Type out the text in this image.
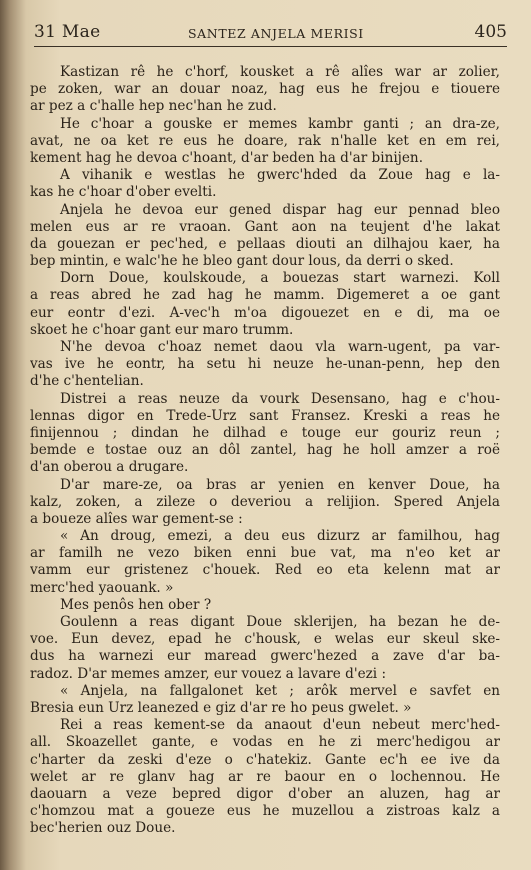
31 Mae	SANTEZ ANJELA MERISI	405
Kastizan rê he c'horf, kousket a rê alîes war ar zolier,
pe zoken, war an douar noaz, hag eus he frejou e tiouere
ar pez a c'halle hep nec'han he zud.
He c'hoar a gouske er memes kambr ganti ; an dra-ze,
avat, ne oa ket re eus he doare, rak n'halle ket en em rei,
kement hag he devoa c'hoant, d'ar beden ha d'ar binijen.
A vihanik e westlas he gwerc'hded da Zoue hag e la-
kas he c'hoar d'ober evelti.
Anjela he devoa eur gened dispar hag eur pennad bleo
melen eus ar re vraoan. Gant aon na teujent d'he lakat
da gouezan er pec'hed, e pellaas diouti an dilhajou kaer, ha
bep mintin, e walc'he he bleo gant dour lous, da derri o sked.
Dorn Doue, koulskoude, a bouezas start warnezi. Koll
a reas abred he zad hag he mamm. Digemeret a oe gant
eur eontr d'ezi. A-vec'h m'oa digouezet en e di, ma oe
skoet he c'hoar gant eur maro trumm.
N'he devoa c'hoaz nemet daou vla warn-ugent, pa var-
vas ive he eontr, ha setu hi neuze he-unan-penn, hep den
d'he c'hentelian.
Distrei a reas neuze da vourk Desensano, hag e c'hou-
lennas digor en Trede-Urz sant Fransez. Kreski a reas he
finijennou ; dindan he dilhad e touge eur gouriz reun ;
bemde e tostae ouz an dôl zantel, hag he holl amzer a roë
d'an oberou a drugare.
D'ar mare-ze, oa bras ar yenien en kenver Doue, ha
kalz, zoken, a zileze o deveriou a relijion. Spered Anjela
a boueze alîes war gement-se :
« An droug, emezi, a deu eus dizurz ar familhou, hag
ar familh ne vezo biken enni bue vat, ma n'eo ket ar
vamm eur gristenez c'houek. Red eo eta kelenn mat ar
merc'hed yaouank. »
Mes penôs hen ober ?
Goulenn a reas digant Doue sklerijen, ha bezan he de-
voe. Eun devez, epad he c'housk, e welas eur skeul ske-
dus ha warnezi eur maread gwerc'hezed a zave d'ar ba-
radoz. D'ar memes amzer, eur vouez a lavare d'ezi :
« Anjela, na fallgalonet ket ; arôk mervel e savfet en
Bresia eun Urz leanezed e giz d'ar re ho peus gwelet. »
Rei a reas kement-se da anaout d'eun nebeut merc'hed-
all. Skoazellet gante, e vodas en he zi merc'hedigou ar
c'harter da zeski d'eze o c'hatekiz. Gante ec'h ee ive da
welet ar re glanv hag ar re baour en o lochennou. He
daouarn a veze bepred digor d'ober an aluzen, hag ar
c'homzou mat a goueze eus he muzellou a zistroas kalz a
bec'herien ouz Doue.
